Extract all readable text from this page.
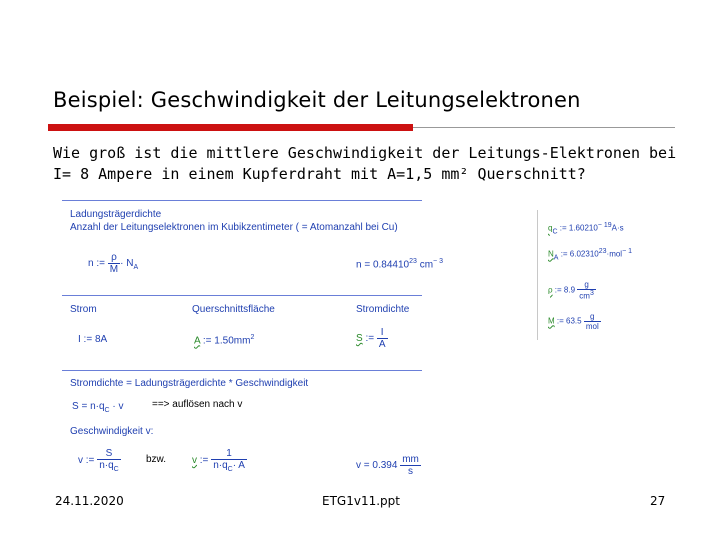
Beispiel: Geschwindigkeit der Leitungselektronen
Wie groß ist die mittlere Geschwindigkeit der Leitungs-Elektronen bei
I= 8 Ampere in einem Kupferdraht mit A=1,5 mm² Querschnitt?
Ladungsträgerdichte
Anzahl der Leitungselektronen im Kubikzentimeter ( = Atomanzahl bei Cu)
n := $\frac{\rho}{M} \cdot N_A$	$n = 0.84410^{23}$ $cm^{- 3}$
Strom	Querschnittsfläche	Stromdichte
I := 8A	A := $1.50mm^2$	S := $\frac{I}{A}$
Stromdichte = Ladungsträgerdichte * Geschwindigkeit
$S = n\cdot q_C \cdot v$	==> auflösen nach v
Geschwindigkeit v:
v := $\frac{S}{n\cdot q_C}$	bzw.	v := $\frac{1}{n\cdot q_C\cdot A}$	$v = 0.394 \frac{mm}{s}$
$q_C$ := $1.60210^{- 19}A\cdot s$
$N_A$ := $6.02310^{23}\cdot mol^{- 1}$
ρ := $8.9 \frac{g}{cm^3}$
M := $63.5 \frac{g}{\text{mol}}$
24.11.2020	ETG1v11.ppt	27
